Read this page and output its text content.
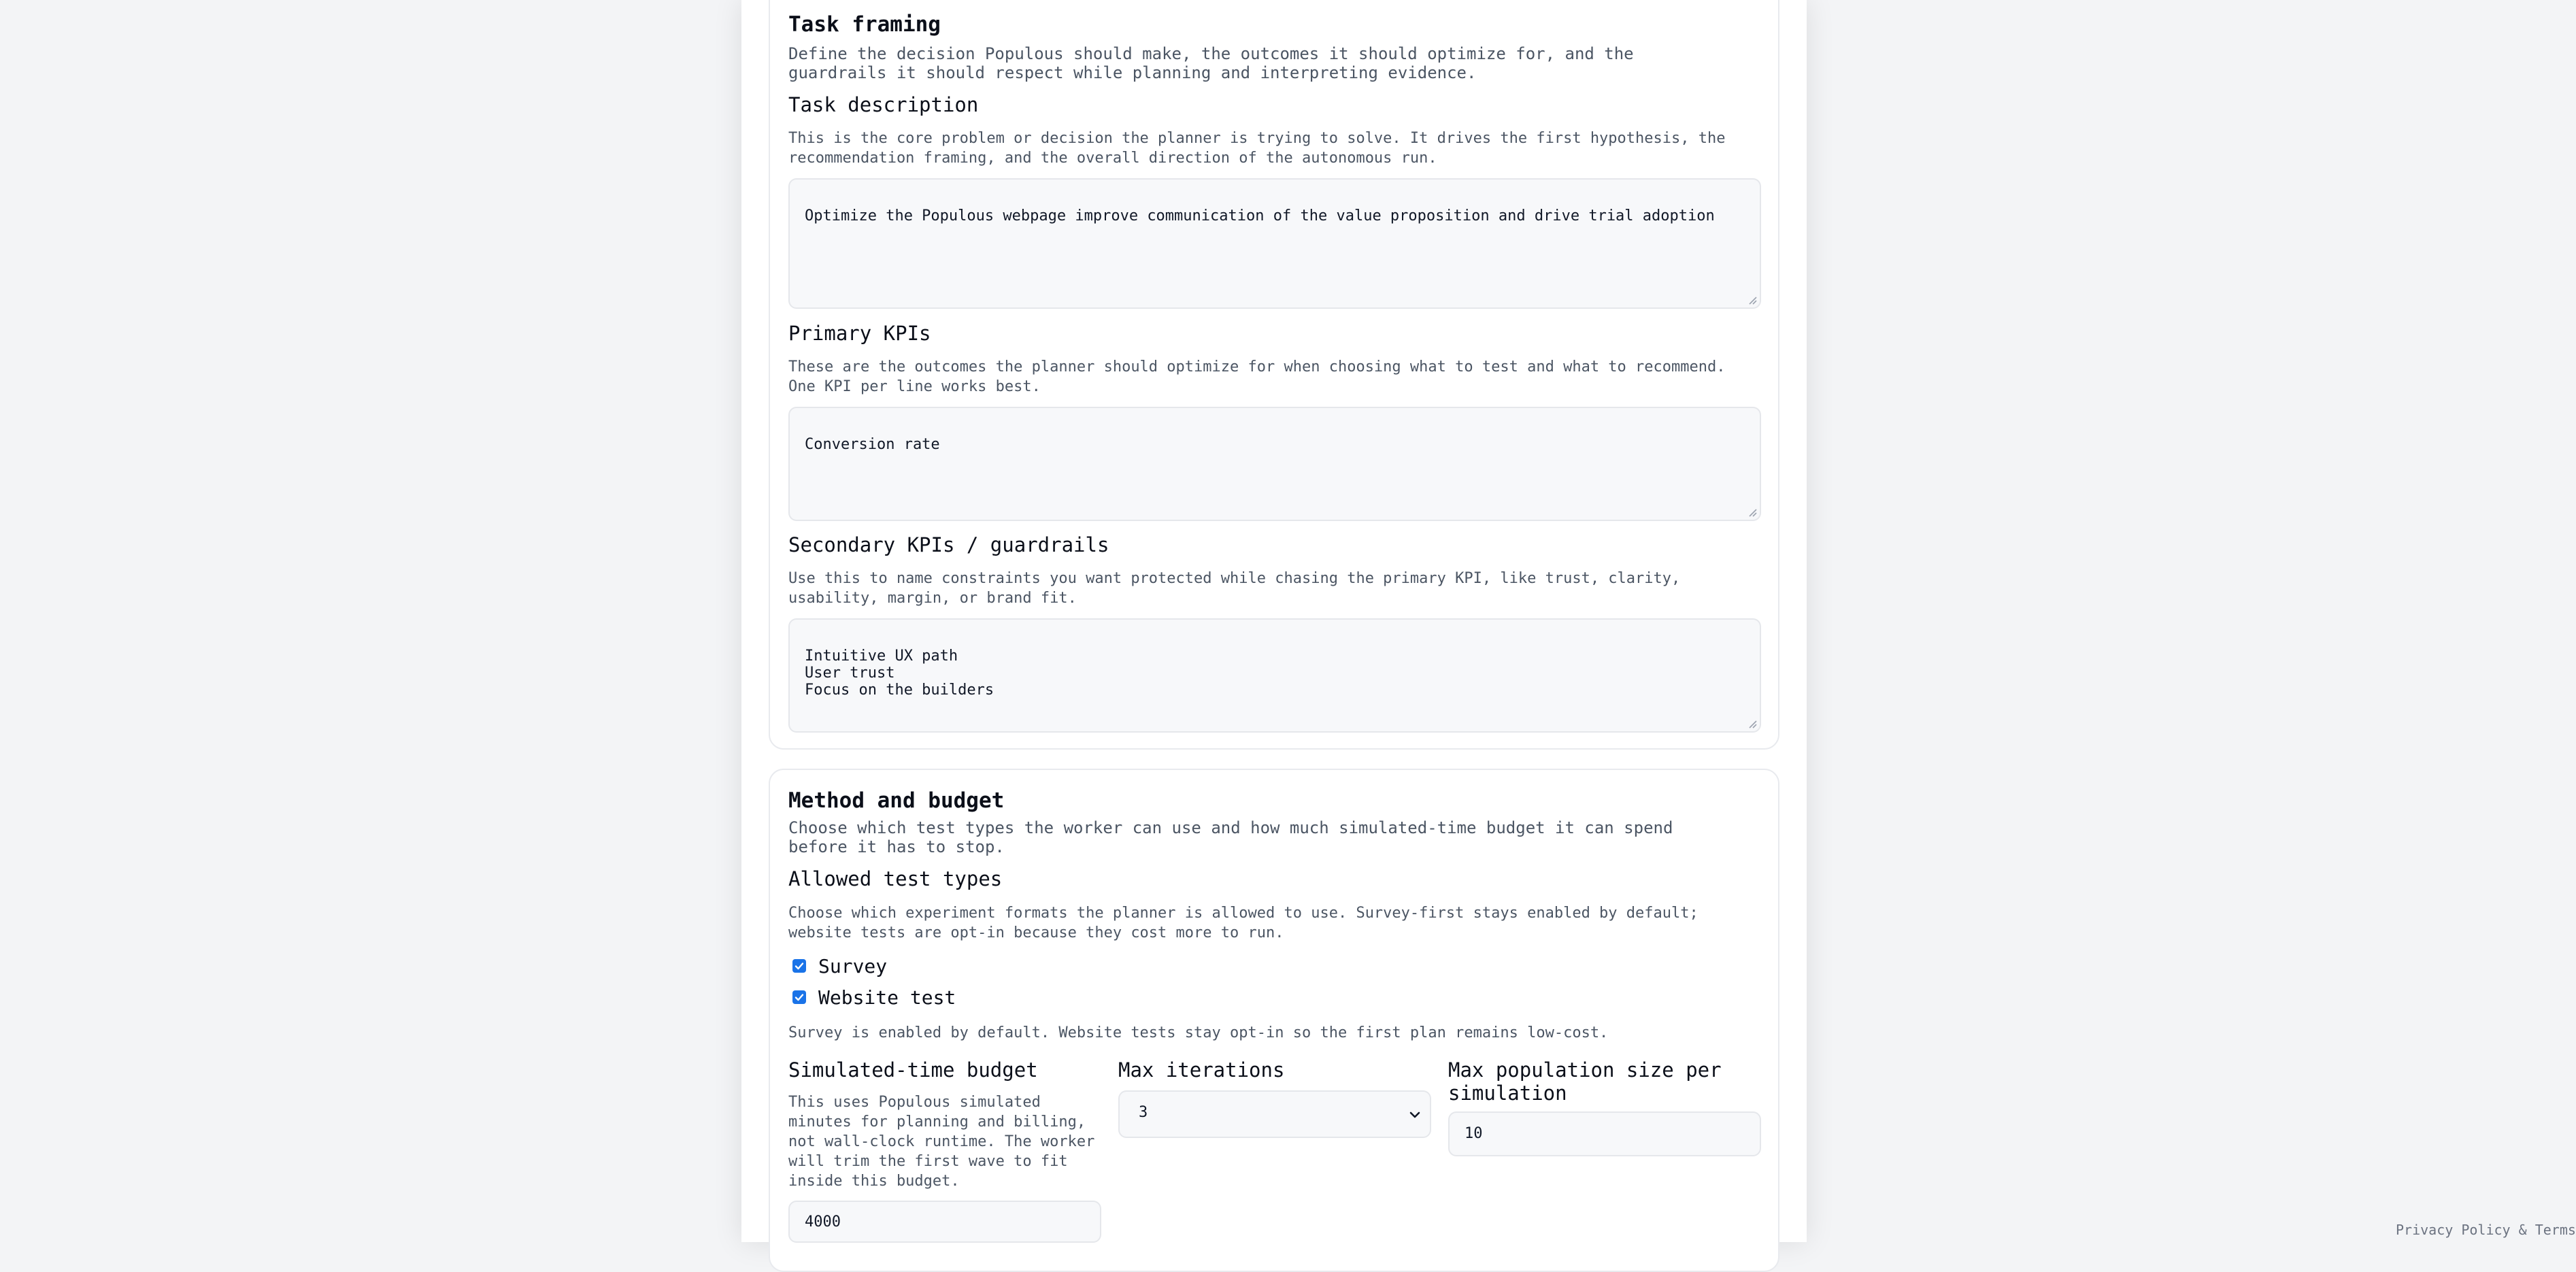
Task framing

Define the decision Populous should make, the outcomes it should optimize for, and the guardrails it should respect while planning and interpreting evidence.

Task description

This is the core problem or decision the planner is trying to solve. It drives the first hypothesis, the recommendation framing, and the overall direction of the autonomous run.

Optimize the Populous webpage improve communication of the value proposition and drive trial adoption

Primary KPIs

These are the outcomes the planner should optimize for when choosing what to test and what to recommend. One KPI per line works best.

Conversion rate

Secondary KPIs / guardrails

Use this to name constraints you want protected while chasing the primary KPI, like trust, clarity, usability, margin, or brand fit.

Intuitive UX path
User trust
Focus on the builders

Method and budget

Choose which test types the worker can use and how much simulated-time budget it can spend before it has to stop.

Allowed test types

Choose which experiment formats the planner is allowed to use. Survey-first stays enabled by default; website tests are opt-in because they cost more to run.

Survey
Website test
Survey is enabled by default. Website tests stay opt-in so the first plan remains low-cost.
Simulated-time budget

This uses Populous simulated minutes for planning and billing, not wall-clock runtime. The worker will trim the first wave to fit inside this budget.

4000
Max iterations
3
Max population size per simulation
10
Privacy Policy & Terms
